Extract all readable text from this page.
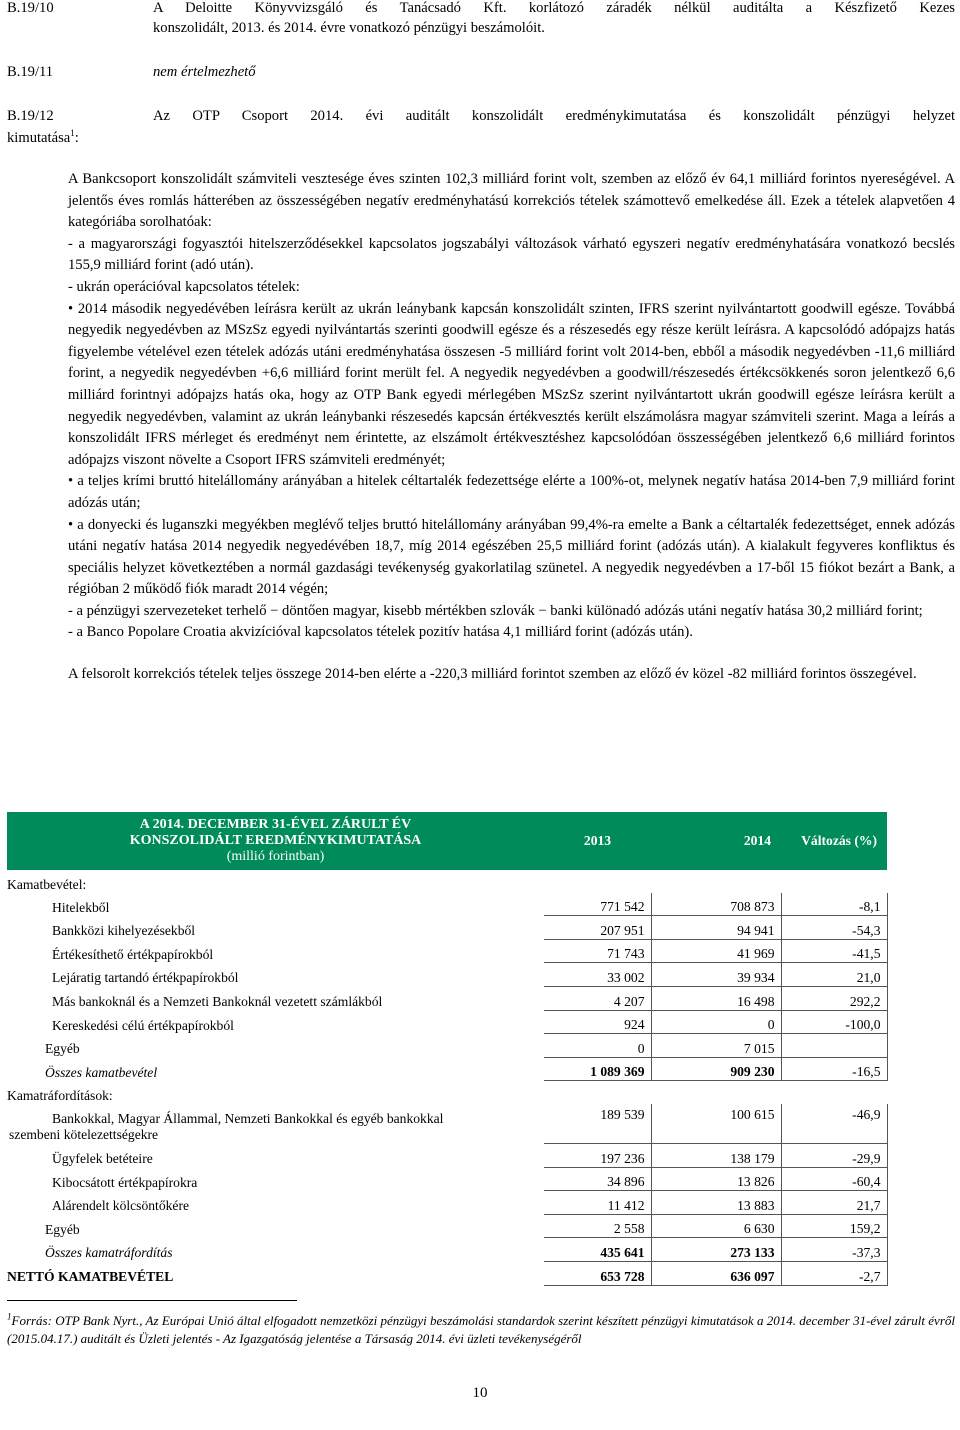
B.19/10	A Deloitte Könyvvizsgáló és Tanácsadó Kft. korlátozó záradék nélkül auditálta a Készfizető Kezes
konszolidált, 2013. és 2014. évre vonatkozó pénzügyi beszámolóit.
B.19/11	nem értelmezhető
B.19/12	Az OTP Csoport 2014. évi auditált konszolidált eredménykimutatása és konszolidált pénzügyi helyzet
kimutatása$^1$:

A Bankcsoport konszolidált számviteli vesztesége éves szinten 102,3 milliárd forint volt, szemben az előző év 64,1 milliárd forintos nyereségével. A jelentős éves romlás hátterében az összességében negatív eredményhatású korrekciós tételek számottevő emelkedése áll. Ezek a tételek alapvetően 4 kategóriába sorolhatóak:

- a magyarországi fogyasztói hitelszerződésekkel kapcsolatos jogszabályi változások várható egyszeri negatív eredményhatására vonatkozó becslés 155,9 milliárd forint (adó után).

- ukrán operációval kapcsolatos tételek:

• 2014 második negyedévében leírásra került az ukrán leánybank kapcsán konszolidált szinten, IFRS szerint nyilvántartott goodwill egésze. Továbbá negyedik negyedévben az MSzSz egyedi nyilvántartás szerinti goodwill egésze és a részesedés egy része került leírásra. A kapcsolódó adópajzs hatás figyelembe vételével ezen tételek adózás utáni eredményhatása összesen -5 milliárd forint volt 2014-ben, ebből a második negyedévben -11,6 milliárd forint, a negyedik negyedévben +6,6 milliárd forint merült fel. A negyedik negyedévben a goodwill/részesedés értékcsökkenés soron jelentkező 6,6 milliárd forintnyi adópajzs hatás oka, hogy az OTP Bank egyedi mérlegében MSzSz szerint nyilvántartott ukrán goodwill egésze leírásra került a negyedik negyedévben, valamint az ukrán leánybanki részesedés kapcsán értékvesztés került elszámolásra magyar számviteli szerint. Maga a leírás a konszolidált IFRS mérleget és eredményt nem érintette, az elszámolt értékvesztéshez kapcsolódóan összességében jelentkező 6,6 milliárd forintos adópajzs viszont növelte a Csoport IFRS számviteli eredményét;

• a teljes krími bruttó hitelállomány arányában a hitelek céltartalék fedezettsége elérte a 100%-ot, melynek negatív hatása 2014-ben 7,9 milliárd forint adózás után;

• a donyecki és luganszki megyékben meglévő teljes bruttó hitelállomány arányában 99,4%-ra emelte a Bank a céltartalék fedezettséget, ennek adózás utáni negatív hatása 2014 negyedik negyedévében 18,7, míg 2014 egészében 25,5 milliárd forint (adózás után). A kialakult fegyveres konfliktus és speciális helyzet következtében a normál gazdasági tevékenység gyakorlatilag szünetel. A negyedik negyedévben a 17-ből 15 fiókot bezárt a Bank, a régióban 2 működő fiók maradt 2014 végén;

- a pénzügyi szervezeteket terhelő − döntően magyar, kisebb mértékben szlovák − banki különadó adózás utáni negatív hatása 30,2 milliárd forint;

- a Banco Popolare Croatia akvizícióval kapcsolatos tételek pozitív hatása 4,1 milliárd forint (adózás után).

A felsorolt korrekciós tételek teljes összege 2014-ben elérte a -220,3 milliárd forintot szemben az előző év közel -82 milliárd forintos összegével.

A 2014. DECEMBER 31-ÉVEL ZÁRULT ÉV
KONSZOLIDÁLT EREDMÉNYKIMUTATÁSA
(millió forintban)	2013	2014	Változás (%)
Kamatbevétel:			
Hitelekből	771 542	708 873	-8,1
Bankközi kihelyezésekből	207 951	94 941	-54,3
Értékesíthető értékpapírokból	71 743	41 969	-41,5
Lejáratig tartandó értékpapírokból	33 002	39 934	21,0
Más bankoknál és a Nemzeti Bankoknál vezetett számlákból	4 207	16 498	292,2
Kereskedési célú értékpapírokból	924	0	-100,0
Egyéb	0	7 015	
Összes kamatbevétel	1 089 369	909 230	-16,5
Kamatráfordítások:			
Bankokkal, Magyar Állammal, Nemzeti Bankokkal és egyéb bankokkal
szembeni kötelezettségekre	189 539	100 615	-46,9
Ügyfelek betéteire	197 236	138 179	-29,9
Kibocsátott értékpapírokra	34 896	13 826	-60,4
Alárendelt kölcsöntőkére	11 412	13 883	21,7
Egyéb	2 558	6 630	159,2
Összes kamatráfordítás	435 641	273 133	-37,3
NETTÓ KAMATBEVÉTEL	653 728	636 097	-2,7
$^1$Forrás: OTP Bank Nyrt., Az Európai Unió által elfogadott nemzetközi pénzügyi beszámolási standardok szerint készített pénzügyi kimutatások a 2014. december 31-ével zárult évről (2015.04.17.) auditált és Üzleti jelentés - Az Igazgatóság jelentése a Társaság 2014. évi üzleti tevékenységéről
10
